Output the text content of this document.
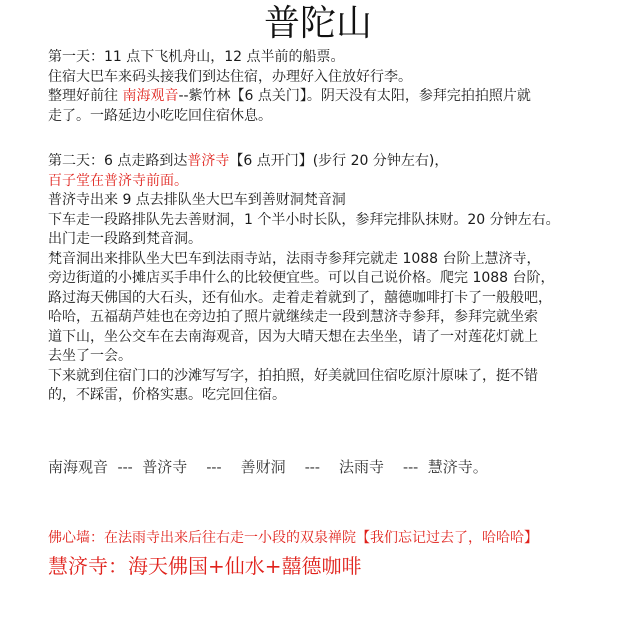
普陀山

第一天：11 点下飞机舟山，12 点半前的船票。

住宿大巴车来码头接我们到达住宿，办理好入住放好行李。

整理好前往 南海观音--紫竹林【6 点关门】。阴天没有太阳，参拜完拍拍照片就

走了。一路延边小吃吃回住宿休息。

第二天：6 点走路到达普济寺【6 点开门】(步行 20 分钟左右)，

百子堂在普济寺前面。

普济寺出来 9 点去排队坐大巴车到善财洞梵音洞

下车走一段路排队先去善财洞，1 个半小时长队，参拜完排队抹财。20 分钟左右。

出门走一段路到梵音洞。

梵音洞出来排队坐大巴车到法雨寺站，法雨寺参拜完就走 1088 台阶上慧济寺，

旁边街道的小摊店买手串什么的比较便宜些。可以自己说价格。爬完 1088 台阶，

路过海天佛国的大石头，还有仙水。走着走着就到了，囍德咖啡打卡了一般般吧，

哈哈，五福葫芦娃也在旁边拍了照片就继续走一段到慧济寺参拜，参拜完就坐索

道下山，坐公交车在去南海观音，因为大晴天想在去坐坐，请了一对莲花灯就上

去坐了一会。

下来就到住宿门口的沙滩写写字，拍拍照，好美就回住宿吃原汁原味了，挺不错

的，不踩雷，价格实惠。吃完回住宿。

南海观音  ---  普济寺    ---    善财洞    ---    法雨寺    ---  慧济寺。
佛心墙：在法雨寺出来后往右走一小段的双泉禅院【我们忘记过去了，哈哈哈】
慧济寺：海天佛国+仙水+囍德咖啡
